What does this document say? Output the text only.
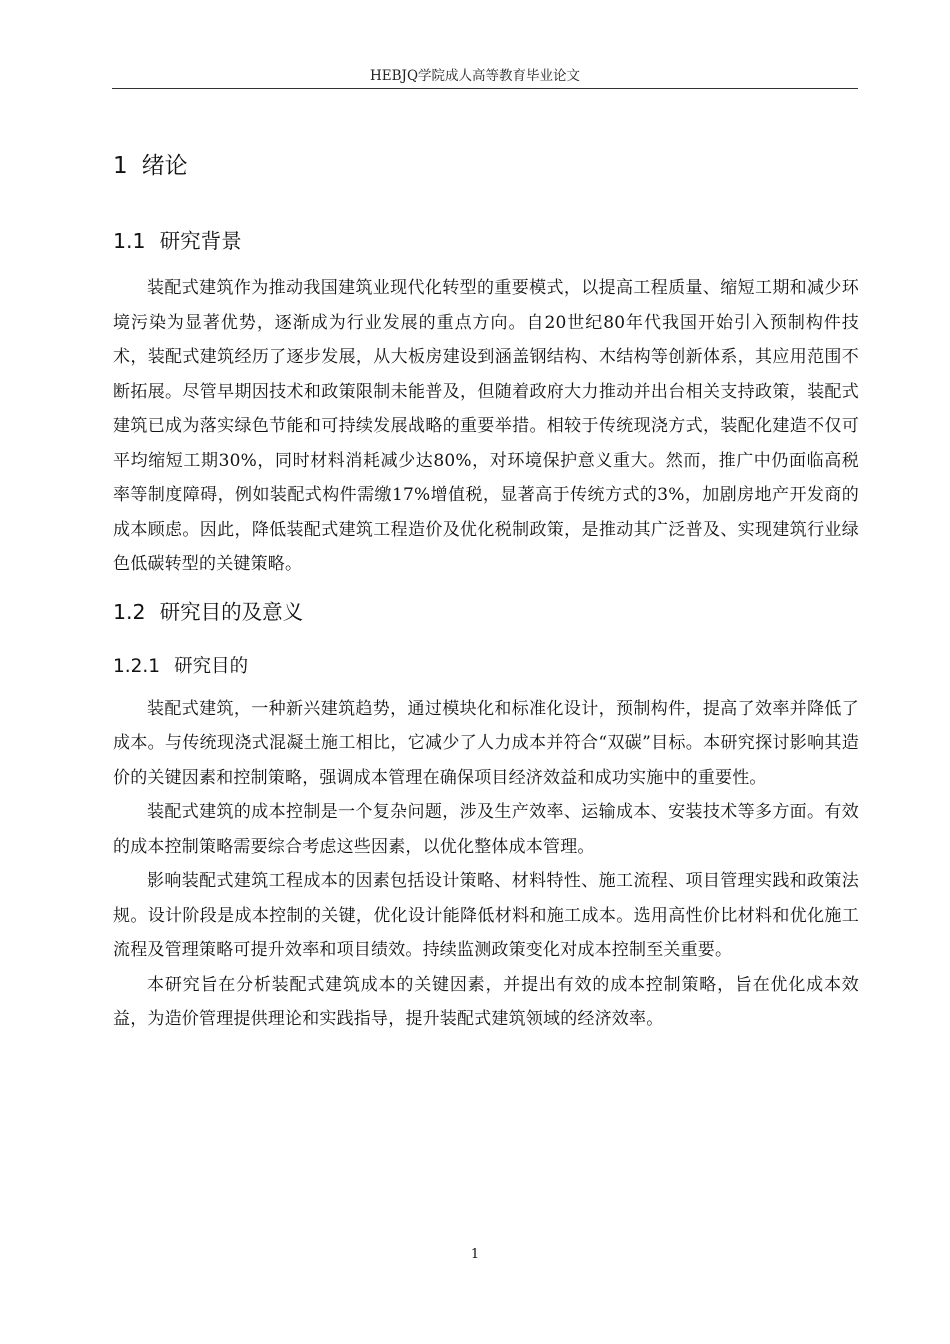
HEBJQ学院成人高等教育毕业论文
1 绪论
1.1 研究背景

装配式建筑作为推动我国建筑业现代化转型的重要模式，以提高工程质量、缩短工期和减少环境污染为显著优势，逐渐成为行业发展的重点方向。自20世纪80年代我国开始引入预制构件技术，装配式建筑经历了逐步发展，从大板房建设到涵盖钢结构、木结构等创新体系，其应用范围不断拓展。尽管早期因技术和政策限制未能普及，但随着政府大力推动并出台相关支持政策，装配式建筑已成为落实绿色节能和可持续发展战略的重要举措。相较于传统现浇方式，装配化建造不仅可平均缩短工期30%，同时材料消耗减少达80%，对环境保护意义重大。然而，推广中仍面临高税率等制度障碍，例如装配式构件需缴17%增值税，显著高于传统方式的3%，加剧房地产开发商的成本顾虑。因此，降低装配式建筑工程造价及优化税制政策，是推动其广泛普及、实现建筑行业绿色低碳转型的关键策略。

1.2 研究目的及意义
1.2.1 研究目的

装配式建筑，一种新兴建筑趋势，通过模块化和标准化设计，预制构件，提高了效率并降低了成本。与传统现浇式混凝土施工相比，它减少了人力成本并符合“双碳”目标。本研究探讨影响其造价的关键因素和控制策略，强调成本管理在确保项目经济效益和成功实施中的重要性。

装配式建筑的成本控制是一个复杂问题，涉及生产效率、运输成本、安装技术等多方面。有效的成本控制策略需要综合考虑这些因素，以优化整体成本管理。

影响装配式建筑工程成本的因素包括设计策略、材料特性、施工流程、项目管理实践和政策法规。设计阶段是成本控制的关键，优化设计能降低材料和施工成本。选用高性价比材料和优化施工流程及管理策略可提升效率和项目绩效。持续监测政策变化对成本控制至关重要。

本研究旨在分析装配式建筑成本的关键因素，并提出有效的成本控制策略，旨在优化成本效益，为造价管理提供理论和实践指导，提升装配式建筑领域的经济效率。

1
